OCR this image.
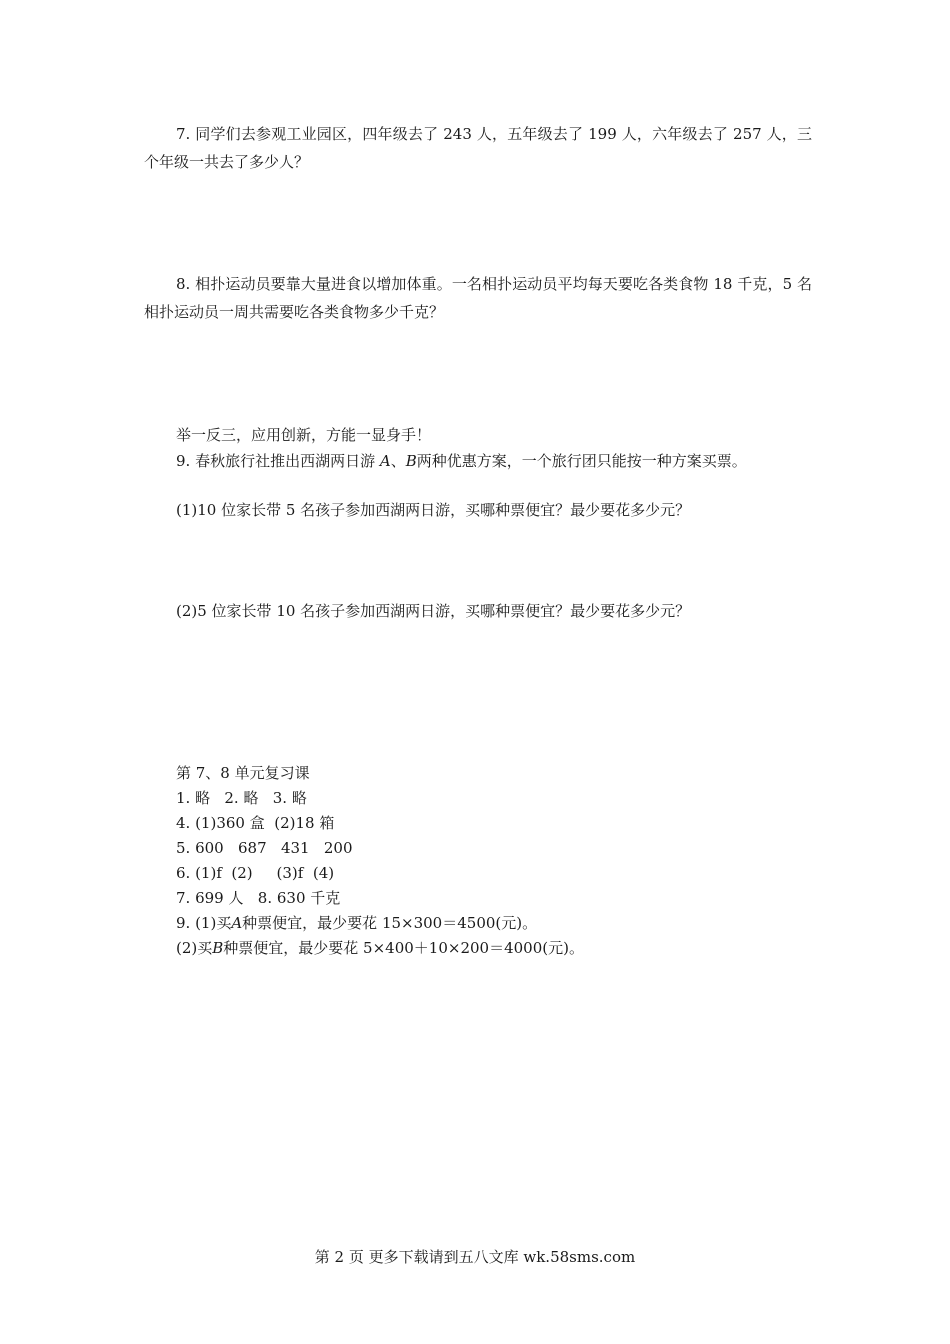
7. 同学们去参观工业园区，四年级去了 243 人，五年级去了 199 人，六年级去了 257 人，三个年级一共去了多少人？
8. 相扑运动员要靠大量进食以增加体重。一名相扑运动员平均每天要吃各类食物 18 千克，5 名相扑运动员一周共需要吃各类食物多少千克？
举一反三，应用创新，方能一显身手！
9. 春秋旅行社推出西湖两日游 A、B两种优惠方案，一个旅行团只能按一种方案买票。
(1)10 位家长带 5 名孩子参加西湖两日游，买哪种票便宜？最少要花多少元？
(2)5 位家长带 10 名孩子参加西湖两日游，买哪种票便宜？最少要花多少元？
第 7、8 单元复习课
1. 略   2. 略   3. 略
4. (1)360 盒  (2)18 箱
5. 600   687   431   200
6. (1)f  (2)     (3)f  (4)
7. 699 人   8. 630 千克
9. (1)买A种票便宜，最少要花 15×300＝4500(元)。
(2)买B种票便宜，最少要花 5×400＋10×200＝4000(元)。
第 2 页 更多下载请到五八文库 wk.58sms.com
